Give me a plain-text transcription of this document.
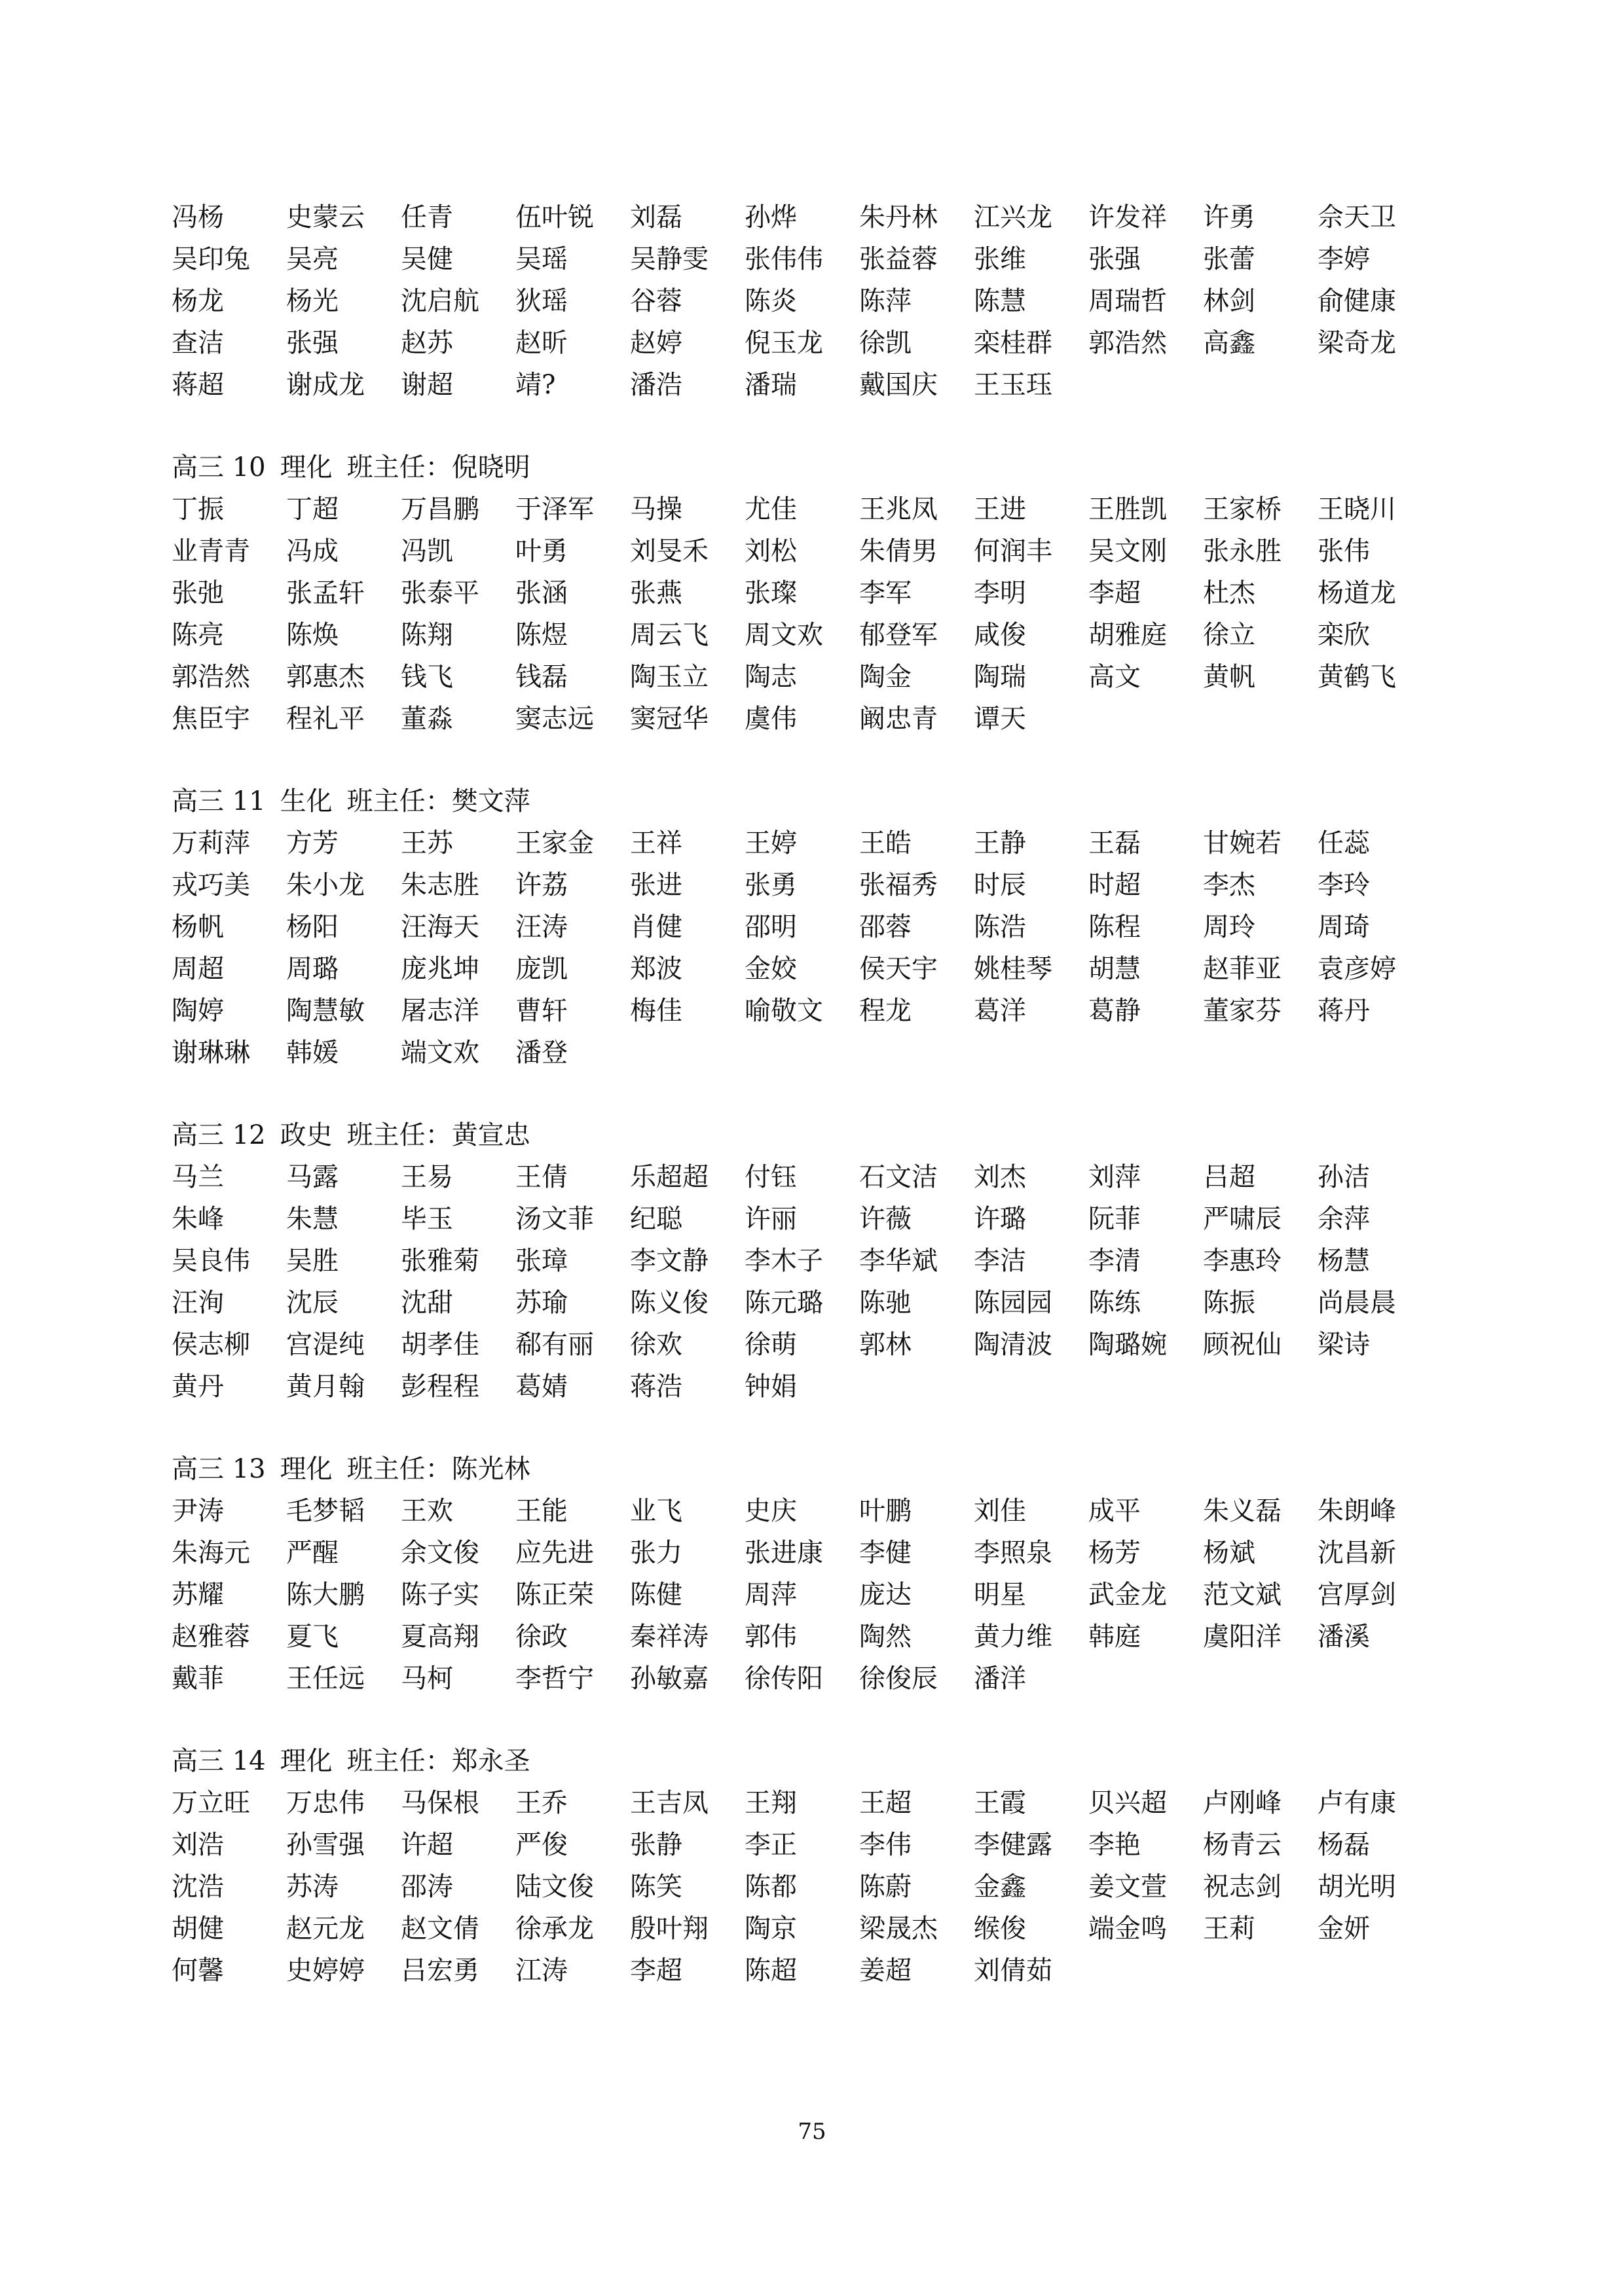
冯杨	史蒙云	任青	伍叶锐	刘磊	孙烨	朱丹林	江兴龙	许发祥	许勇	佘天卫
吴印兔	吴亮	吴健	吴瑶	吴静雯	张伟伟	张益蓉	张维	张强	张蕾	李婷
杨龙	杨光	沈启航	狄瑶	谷蓉	陈炎	陈萍	陈慧	周瑞哲	林剑	俞健康
查洁	张强	赵苏	赵昕	赵婷	倪玉龙	徐凯	栾桂群	郭浩然	高鑫	梁奇龙
蒋超	谢成龙	谢超	靖?	潘浩	潘瑞	戴国庆	王玉珏
高三 10 理化 班主任：倪晓明
丁振	丁超	万昌鹏	于泽军	马操	尤佳	王兆凤	王进	王胜凯	王家桥	王晓川
业青青	冯成	冯凯	叶勇	刘旻禾	刘松	朱倩男	何润丰	吴文刚	张永胜	张伟
张弛	张孟轩	张泰平	张涵	张燕	张璨	李军	李明	李超	杜杰	杨道龙
陈亮	陈焕	陈翔	陈煜	周云飞	周文欢	郁登军	咸俊	胡雅庭	徐立	栾欣
郭浩然	郭惠杰	钱飞	钱磊	陶玉立	陶志	陶金	陶瑞	高文	黄帆	黄鹤飞
焦臣宇	程礼平	董淼	窦志远	窦冠华	虞伟	阚忠青	谭天
高三 11 生化 班主任：樊文萍
万莉萍	方芳	王苏	王家金	王祥	王婷	王皓	王静	王磊	甘婉若	任蕊
戎巧美	朱小龙	朱志胜	许荔	张进	张勇	张福秀	时辰	时超	李杰	李玲
杨帆	杨阳	汪海天	汪涛	肖健	邵明	邵蓉	陈浩	陈程	周玲	周琦
周超	周璐	庞兆坤	庞凯	郑波	金姣	侯天宇	姚桂琴	胡慧	赵菲亚	袁彦婷
陶婷	陶慧敏	屠志洋	曹轩	梅佳	喻敬文	程龙	葛洋	葛静	董家芬	蒋丹
谢琳琳	韩媛	端文欢	潘登
高三 12 政史 班主任：黄宣忠
马兰	马露	王易	王倩	乐超超	付钰	石文洁	刘杰	刘萍	吕超	孙洁
朱峰	朱慧	毕玉	汤文菲	纪聪	许丽	许薇	许璐	阮菲	严啸辰	余萍
吴良伟	吴胜	张雅菊	张璋	李文静	李木子	李华斌	李洁	李清	李惠玲	杨慧
汪洵	沈辰	沈甜	苏瑜	陈义俊	陈元璐	陈驰	陈园园	陈练	陈振	尚晨晨
侯志柳	宫湜纯	胡孝佳	郗有丽	徐欢	徐萌	郭林	陶清波	陶璐婉	顾祝仙	梁诗
黄丹	黄月翰	彭程程	葛婧	蒋浩	钟娟
高三 13 理化 班主任：陈光林
尹涛	毛梦韬	王欢	王能	业飞	史庆	叶鹏	刘佳	成平	朱义磊	朱朗峰
朱海元	严醒	余文俊	应先进	张力	张进康	李健	李照泉	杨芳	杨斌	沈昌新
苏耀	陈大鹏	陈子实	陈正荣	陈健	周萍	庞达	明星	武金龙	范文斌	宫厚剑
赵雅蓉	夏飞	夏高翔	徐政	秦祥涛	郭伟	陶然	黄力维	韩庭	虞阳洋	潘溪
戴菲	王任远	马柯	李哲宁	孙敏嘉	徐传阳	徐俊辰	潘洋
高三 14 理化 班主任：郑永圣
万立旺	万忠伟	马保根	王乔	王吉凤	王翔	王超	王霞	贝兴超	卢刚峰	卢有康
刘浩	孙雪强	许超	严俊	张静	李正	李伟	李健露	李艳	杨青云	杨磊
沈浩	苏涛	邵涛	陆文俊	陈笑	陈都	陈蔚	金鑫	姜文萱	祝志剑	胡光明
胡健	赵元龙	赵文倩	徐承龙	殷叶翔	陶京	梁晟杰	缑俊	端金鸣	王莉	金妍
何馨	史婷婷	吕宏勇	江涛	李超	陈超	姜超	刘倩茹
75
